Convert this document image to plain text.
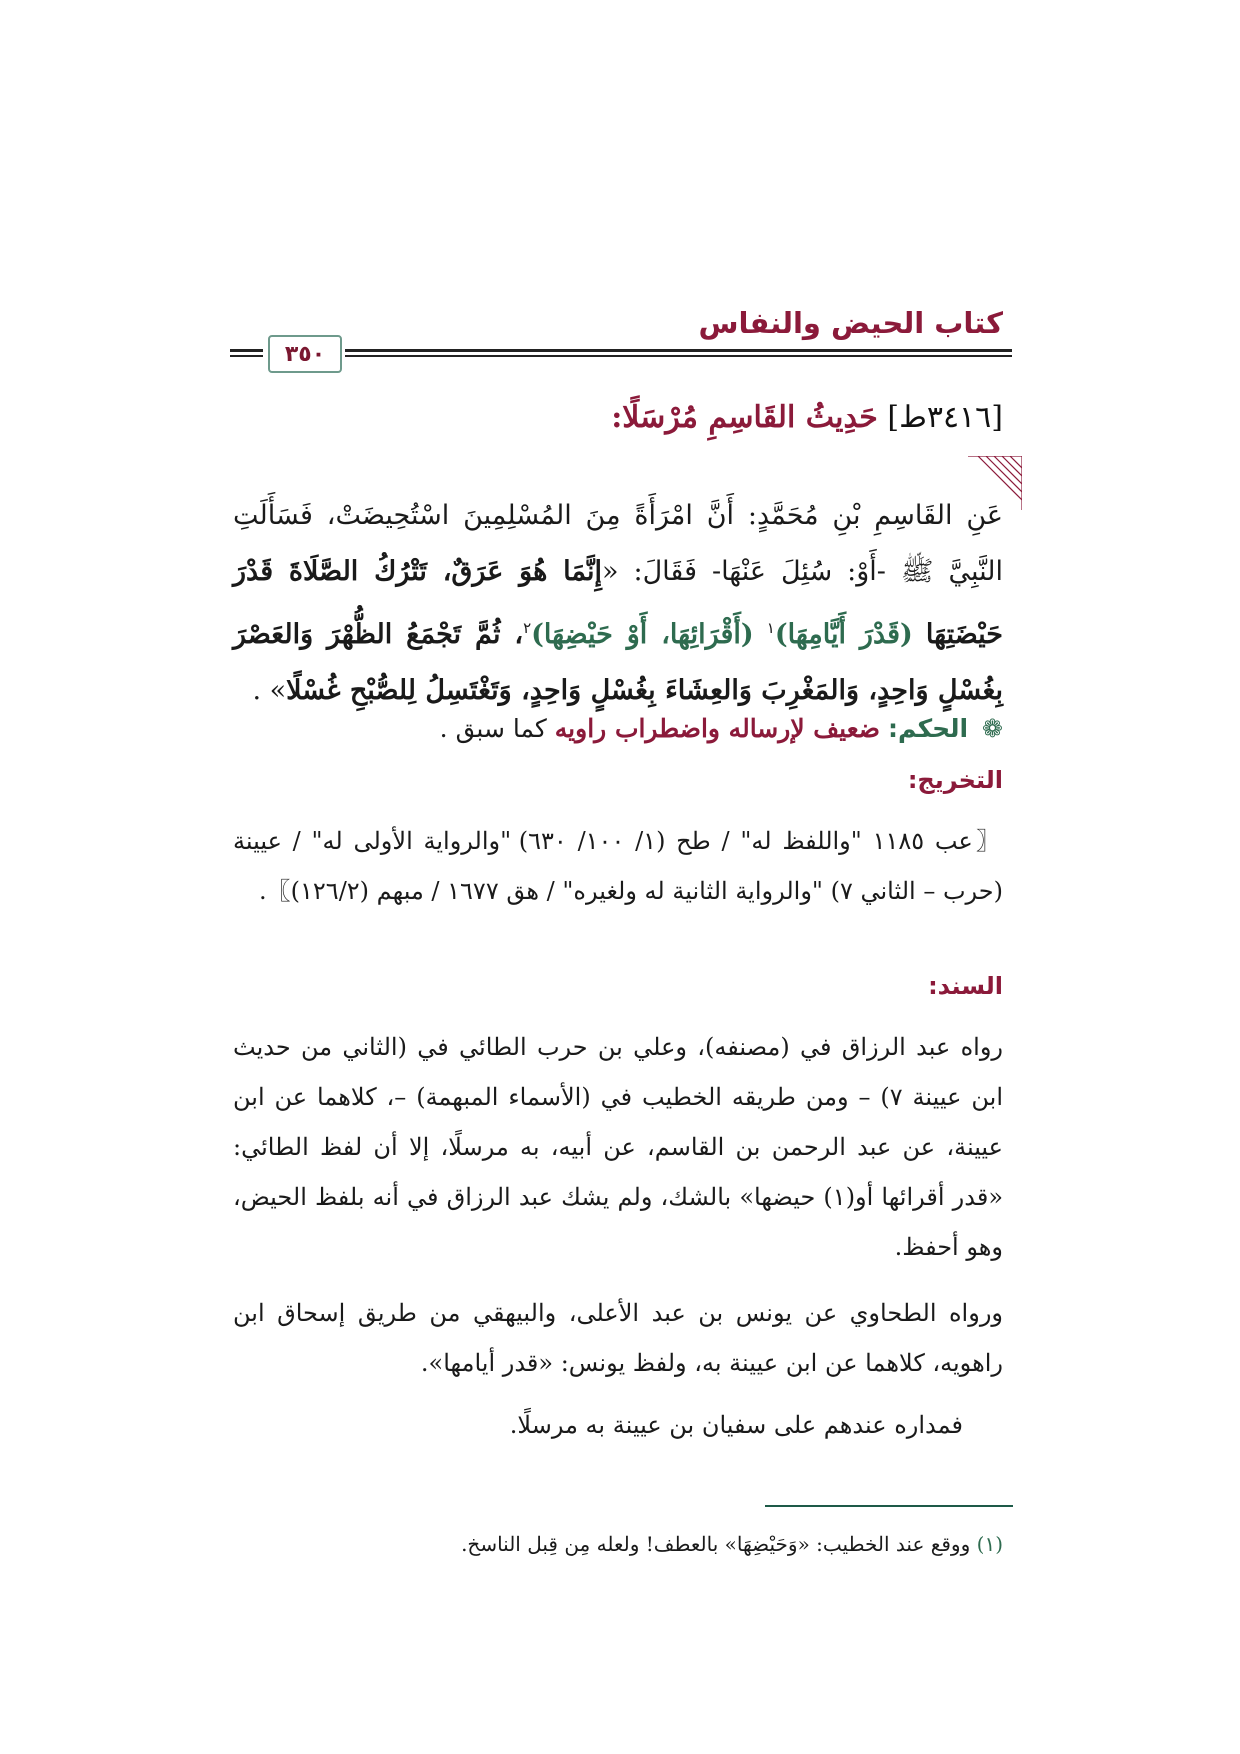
كتاب الحيض والنفاس
٣٥٠
[٣٤١٦ط] حَدِيثُ القَاسِمِ مُرْسَلًا:
عَنِ القَاسِمِ بْنِ مُحَمَّدٍ: أَنَّ امْرَأَةً مِنَ المُسْلِمِينَ اسْتُحِيضَتْ، فَسَأَلَتِ النَّبِيَّ ﷺ -أَوْ: سُئِلَ عَنْهَا- فَقَالَ: «إِنَّمَا هُوَ عَرَقٌ، تَتْرُكُ الصَّلَاةَ قَدْرَ حَيْضَتِهَا (قَدْرَ أَيَّامِهَا)$^١$ (أَقْرَائِهَا، أَوْ حَيْضِهَا)$^٢$، ثُمَّ تَجْمَعُ الظُّهْرَ وَالعَصْرَ بِغُسْلٍ وَاحِدٍ، وَالمَغْرِبَ وَالعِشَاءَ بِغُسْلٍ وَاحِدٍ، وَتَغْتَسِلُ لِلصُّبْحِ غُسْلًا» .
❁ الحكم: ضعيف لإرساله واضطراب راويه كما سبق .
التخريج:
〖عب ١١٨٥ "واللفظ له" / طح (١/ ١٠٠/ ٦٣٠) "والرواية الأولى له" / عيينة (حرب – الثاني ٧) "والرواية الثانية له ولغيره" / هق ١٦٧٧ / مبهم (١٢٦/٢)〗.
السند:
رواه عبد الرزاق في (مصنفه)، وعلي بن حرب الطائي في (الثاني من حديث ابن عيينة ٧) – ومن طريقه الخطيب في (الأسماء المبهمة) –، كلاهما عن ابن عيينة، عن عبد الرحمن بن القاسم، عن أبيه، به مرسلًا، إلا أن لفظ الطائي: «قدر أقرائها أو(١) حيضها» بالشك، ولم يشك عبد الرزاق في أنه بلفظ الحيض، وهو أحفظ.
ورواه الطحاوي عن يونس بن عبد الأعلى، والبيهقي من طريق إسحاق ابن راهويه، كلاهما عن ابن عيينة به، ولفظ يونس: «قدر أيامها».
فمداره عندهم على سفيان بن عيينة به مرسلًا.
(١) ووقع عند الخطيب: «وَحَيْضِهَا» بالعطف! ولعله مِن قِبل الناسخ.
